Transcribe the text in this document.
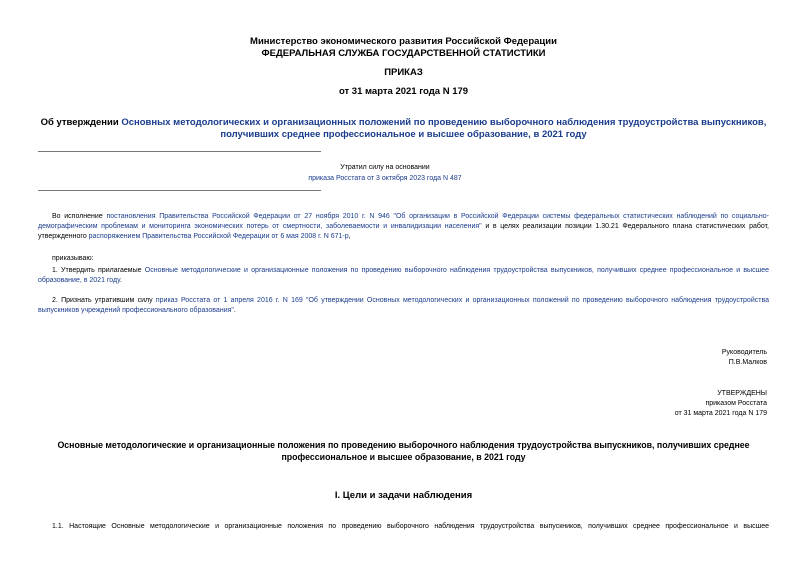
Министерство экономического развития Российской Федерации
ФЕДЕРАЛЬНАЯ СЛУЖБА ГОСУДАРСТВЕННОЙ СТАТИСТИКИ
ПРИКАЗ
от 31 марта 2021 года N 179
Об утверждении Основных методологических и организационных положений по проведению выборочного наблюдения трудоустройства выпускников,
получивших среднее профессиональное и высшее образование, в 2021 году
Утратил силу на основании
приказа Росстата от 3 октября 2023 года N 487
Во исполнение постановления Правительства Российской Федерации от 27 ноября 2010 г. N 946 "Об организации в Российской Федерации системы федеральных статистических наблюдений по социально-демографическим проблемам и мониторинга экономических потерь от смертности, заболеваемости и инвалидизации населения" и в целях реализации позиции 1.30.21 Федерального плана статистических работ, утвержденного распоряжением Правительства Российской Федерации от 6 мая 2008 г. N 671-р,
приказываю:
1. Утвердить прилагаемые Основные методологические и организационные положения по проведению выборочного наблюдения трудоустройства выпускников, получивших среднее профессиональное и высшее образование, в 2021 году.
2. Признать утратившим силу приказ Росстата от 1 апреля 2016 г. N 169 "Об утверждении Основных методологических и организационных положений по проведению выборочного наблюдения трудоустройства выпускников учреждений профессионального образования".
Руководитель
П.В.Малков
УТВЕРЖДЕНЫ
приказом Росстата
от 31 марта 2021 года N 179
Основные методологические и организационные положения по проведению выборочного наблюдения трудоустройства выпускников, получивших среднее
профессиональное и высшее образование, в 2021 году
I. Цели и задачи наблюдения
1.1. Настоящие Основные методологические и организационные положения по проведению выборочного наблюдения трудоустройства выпускников, получивших среднее профессиональное и высшее
